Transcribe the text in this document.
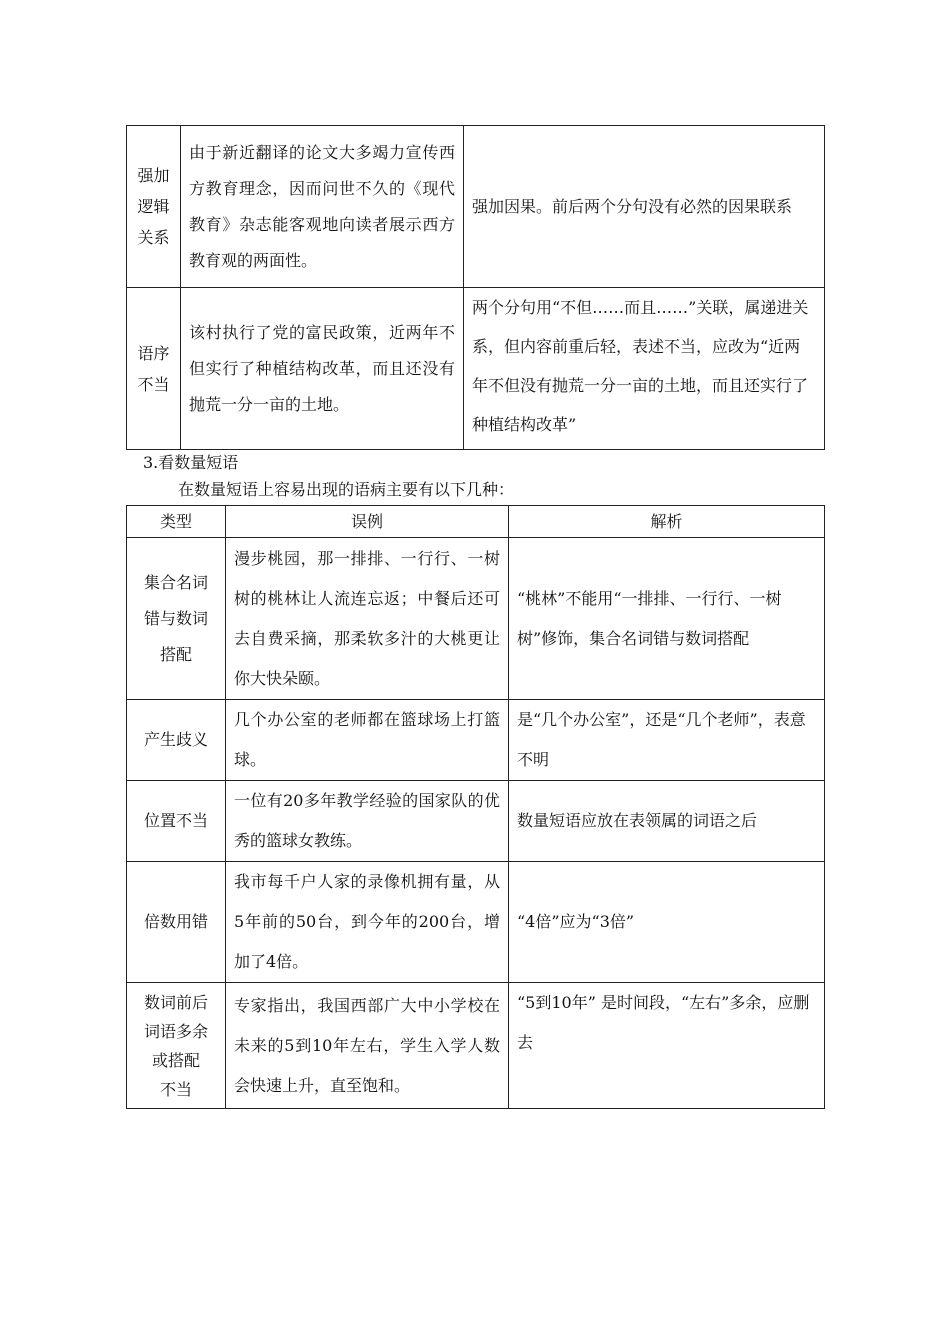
强加
逻辑
关系	由于新近翻译的论文大多竭力宣传西方教育理念，因而问世不久的《现代教育》杂志能客观地向读者展示西方教育观的两面性。	强加因果。前后两个分句没有必然的因果联系

语序
不当	该村执行了党的富民政策，近两年不但实行了种植结构改革，而且还没有抛荒一分一亩的土地。	两个分句用“不但……而且……”关联，属递进关系，但内容前重后轻，表述不当，应改为“近两年不但没有抛荒一分一亩的土地，而且还实行了种植结构改革”
3.看数量短语
在数量短语上容易出现的语病主要有以下几种：
类型	误例	解析

集合名词
错与数词
搭配	漫步桃园，那一排排、一行行、一树树的桃林让人流连忘返；中餐后还可去自费采摘，那柔软多汁的大桃更让你大快朵颐。	“桃林”不能用“一排排、一行行、一树树”修饰，集合名词错与数词搭配

产生歧义	几个办公室的老师都在篮球场上打篮球。	是“几个办公室”，还是“几个老师”，表意不明

位置不当	一位有20多年教学经验的国家队的优秀的篮球女教练。	数量短语应放在表领属的词语之后

倍数用错	我市每千户人家的录像机拥有量，从5年前的50台，到今年的200台，增加了4倍。	“4倍”应为“3倍”

数词前后
词语多余
或搭配
不当	专家指出，我国西部广大中小学校在未来的5到10年左右，学生入学人数会快速上升，直至饱和。	“5到10年” 是时间段，“左右”多余，应删去
